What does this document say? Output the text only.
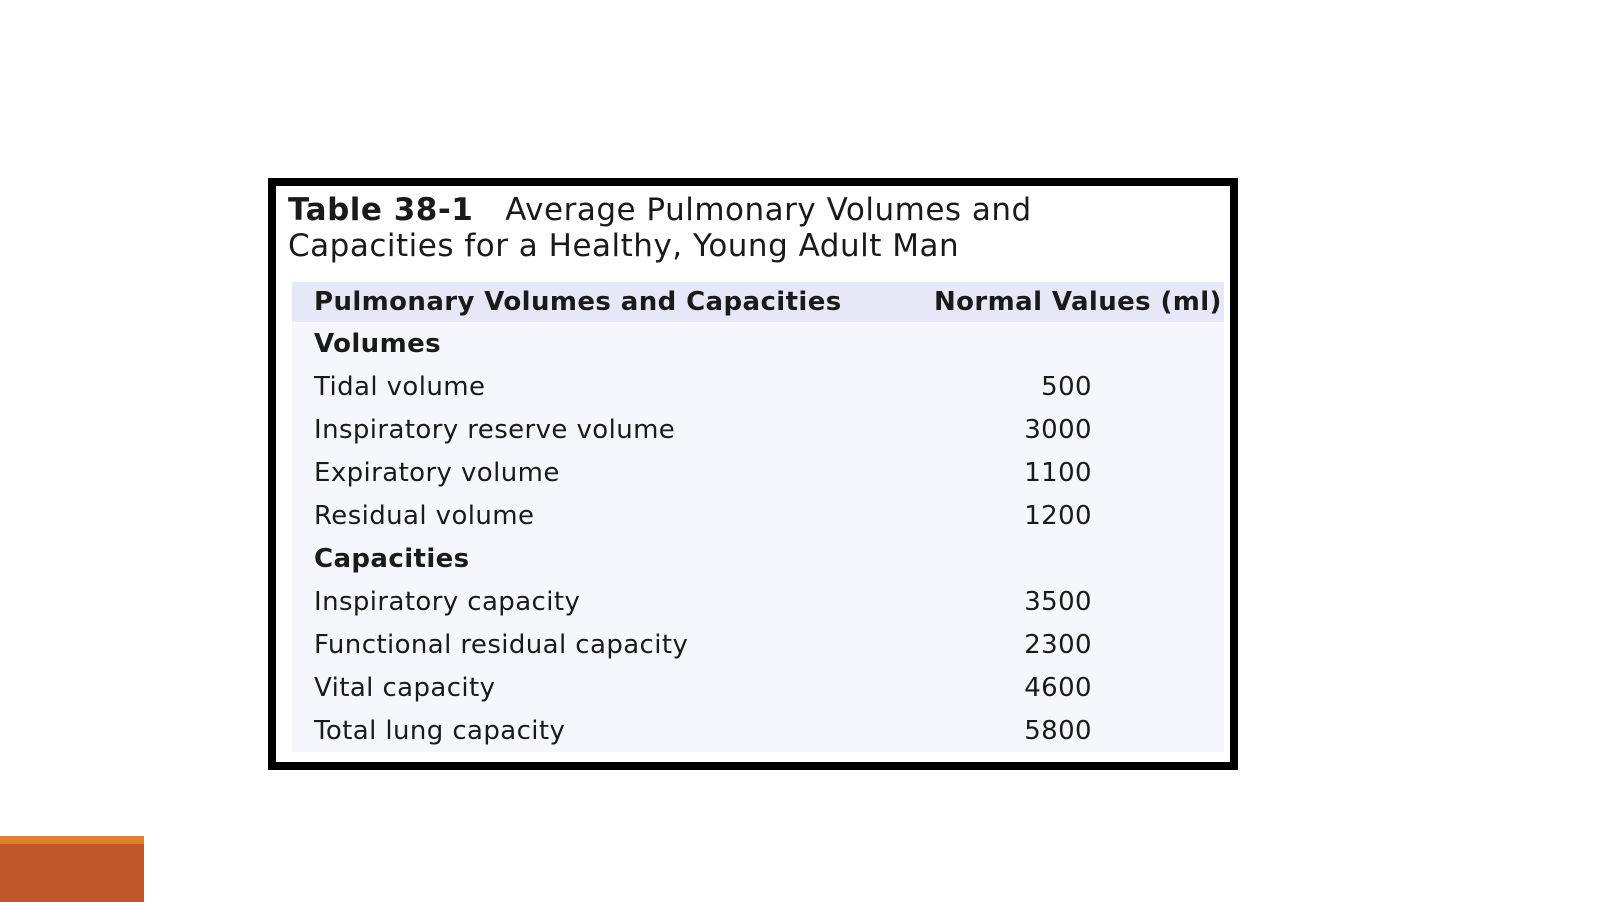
Table 38-1 Average Pulmonary Volumes and
Capacities for a Healthy, Young Adult Man
Pulmonary Volumes and Capacities	Normal Values (ml)
Volumes	
Tidal volume	500
Inspiratory reserve volume	3000
Expiratory volume	1100
Residual volume	1200
Capacities	
Inspiratory capacity	3500
Functional residual capacity	2300
Vital capacity	4600
Total lung capacity	5800
